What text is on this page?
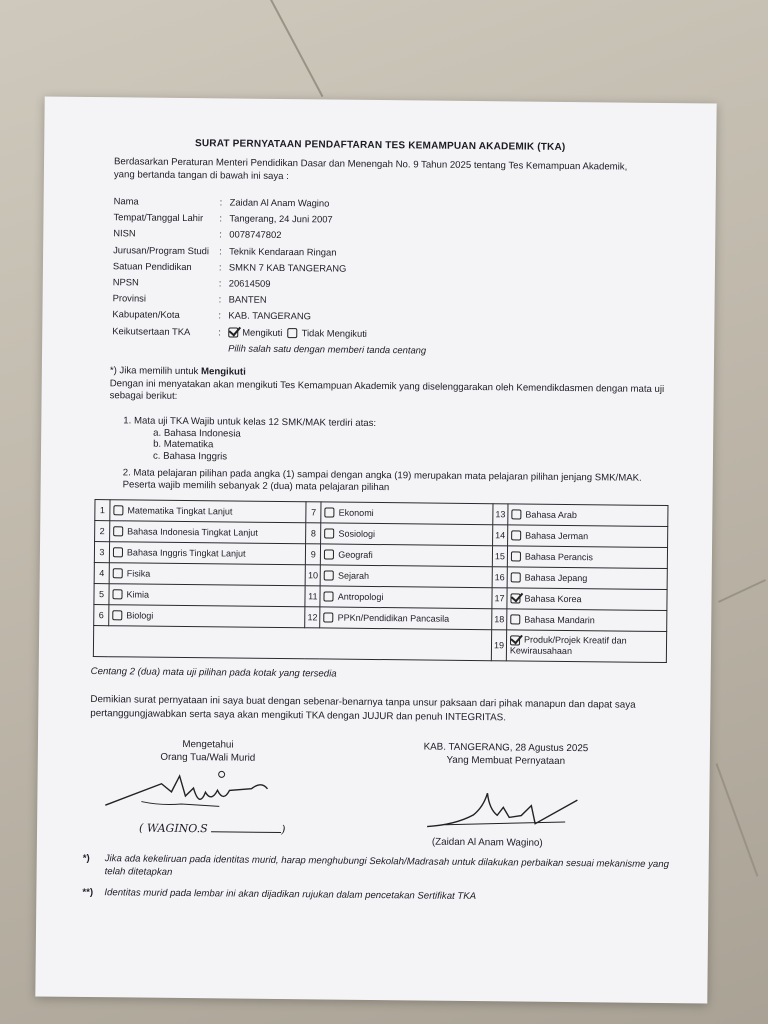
SURAT PERNYATAAN PENDAFTARAN TES KEMAMPUAN AKADEMIK (TKA)
Berdasarkan Peraturan Menteri Pendidikan Dasar dan Menengah No. 9 Tahun 2025 tentang Tes Kemampuan Akademik, yang bertanda tangan di bawah ini saya :
Nama	: Zaidan Al Anam Wagino
Tempat/Tanggal Lahir	: Tangerang, 24 Juni 2007
NISN	: 0078747802
Jurusan/Program Studi	: Teknik Kendaraan Ringan
Satuan Pendidikan	: SMKN 7 KAB TANGERANG
NPSN	: 20614509
Provinsi	: BANTEN
Kabupaten/Kota	: KAB. TANGERANG
Keikutsertaan TKA	:	Mengikuti Tidak Mengikuti
Pilih salah satu dengan memberi tanda centang
*) Jika memilih untuk Mengikuti
Dengan ini menyatakan akan mengikuti Tes Kemampuan Akademik yang diselenggarakan oleh Kemendikdasmen dengan mata uji sebagai berikut:
1. Mata uji TKA Wajib untuk kelas 12 SMK/MAK terdiri atas:
a. Bahasa Indonesia
b. Matematika
c. Bahasa Inggris
2. Mata pelajaran pilihan pada angka (1) sampai dengan angka (19) merupakan mata pelajaran pilihan jenjang SMK/MAK. Peserta wajib memilih sebanyak 2 (dua) mata pelajaran pilihan
1	Matematika Tingkat Lanjut	7	Ekonomi	13	Bahasa Arab
2	Bahasa Indonesia Tingkat Lanjut	8	Sosiologi	14	Bahasa Jerman
3	Bahasa Inggris Tingkat Lanjut	9	Geografi	15	Bahasa Perancis
4	Fisika	10	Sejarah	16	Bahasa Jepang
5	Kimia	11	Antropologi	17	Bahasa Korea
6	Biologi	12	PPKn/Pendidikan Pancasila	18	Bahasa Mandarin
				19	Produk/Projek Kreatif dan
Kewirausahaan
Centang 2 (dua) mata uji pilihan pada kotak yang tersedia
Demikian surat pernyataan ini saya buat dengan sebenar-benarnya tanpa unsur paksaan dari pihak manapun dan dapat saya pertanggungjawabkan serta saya akan mengikuti TKA dengan JUJUR dan penuh INTEGRITAS.
Mengetahui
Orang Tua/Wali Murid
( WAGINO.S	)
KAB. TANGERANG, 28 Agustus 2025
Yang Membuat Pernyataan
(Zaidan Al Anam Wagino)
*)	Jika ada kekeliruan pada identitas murid, harap menghubungi Sekolah/Madrasah untuk dilakukan perbaikan sesuai mekanisme yang telah ditetapkan
**)	Identitas murid pada lembar ini akan dijadikan rujukan dalam pencetakan Sertifikat TKA
